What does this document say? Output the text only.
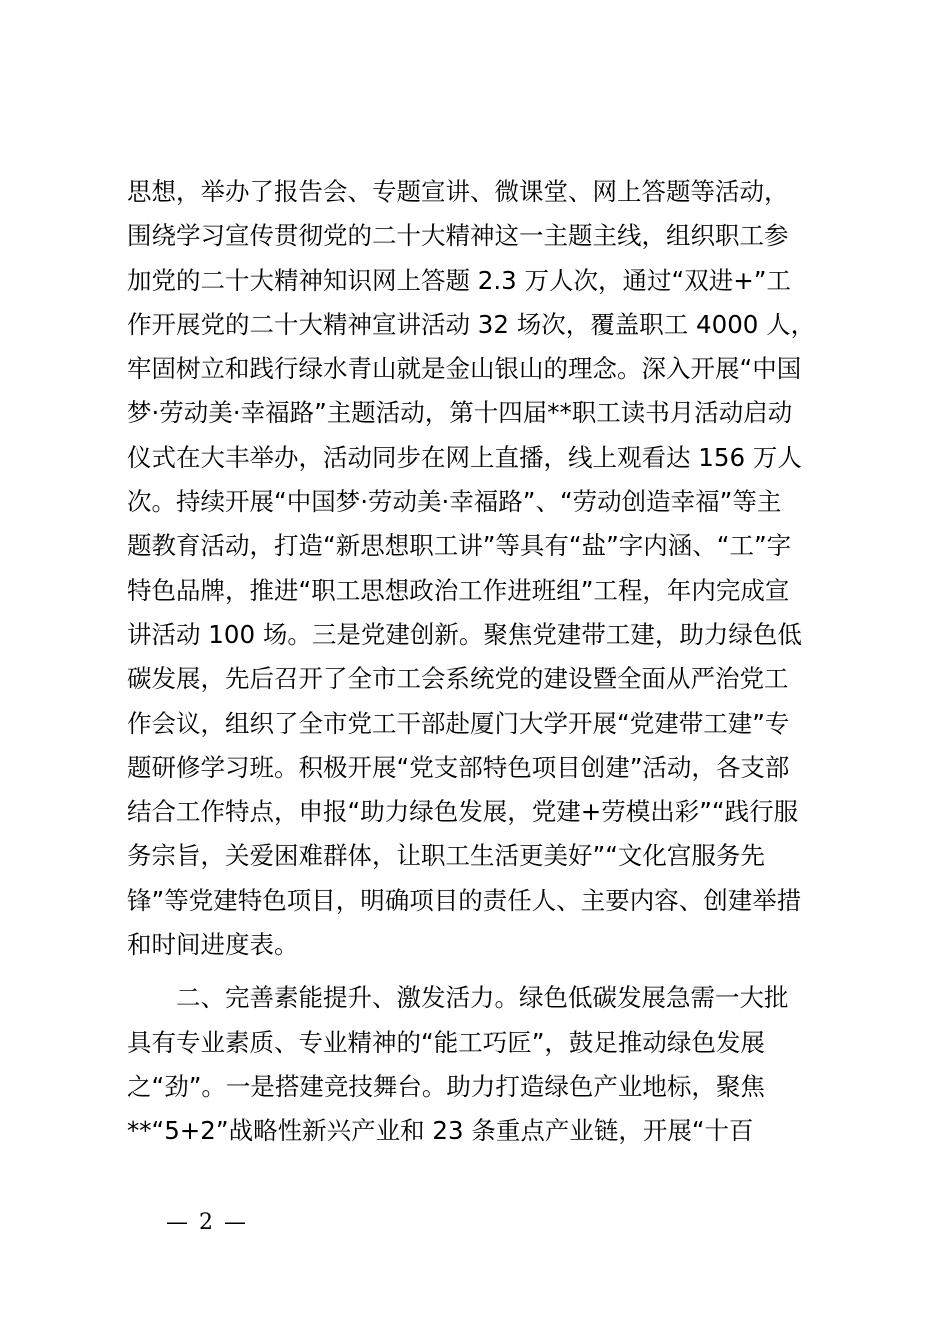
思想，举办了报告会、专题宣讲、微课堂、网上答题等活动，
围绕学习宣传贯彻党的二十大精神这一主题主线，组织职工参
加党的二十大精神知识网上答题 2.3 万人次，通过“双进+”工
作开展党的二十大精神宣讲活动 32 场次，覆盖职工 4000 人，
牢固树立和践行绿水青山就是金山银山的理念。深入开展“中国
梦·劳动美·幸福路”主题活动，第十四届**职工读书月活动启动
仪式在大丰举办，活动同步在网上直播，线上观看达 156 万人
次。持续开展“中国梦·劳动美·幸福路”、“劳动创造幸福”等主
题教育活动，打造“新思想职工讲”等具有“盐”字内涵、“工”字
特色品牌，推进“职工思想政治工作进班组”工程，年内完成宣
讲活动 100 场。三是党建创新。聚焦党建带工建，助力绿色低
碳发展，先后召开了全市工会系统党的建设暨全面从严治党工
作会议，组织了全市党工干部赴厦门大学开展“党建带工建”专
题研修学习班。积极开展“党支部特色项目创建”活动，各支部
结合工作特点，申报“助力绿色发展，党建+劳模出彩”“践行服
务宗旨，关爱困难群体，让职工生活更美好”“文化宫服务先
锋”等党建特色项目，明确项目的责任人、主要内容、创建举措
和时间进度表。
二、完善素能提升、激发活力。绿色低碳发展急需一大批
具有专业素质、专业精神的“能工巧匠”，鼓足推动绿色发展
之“劲”。一是搭建竞技舞台。助力打造绿色产业地标，聚焦
**“5+2”战略性新兴产业和 23 条重点产业链，开展“十百
— 2 —
